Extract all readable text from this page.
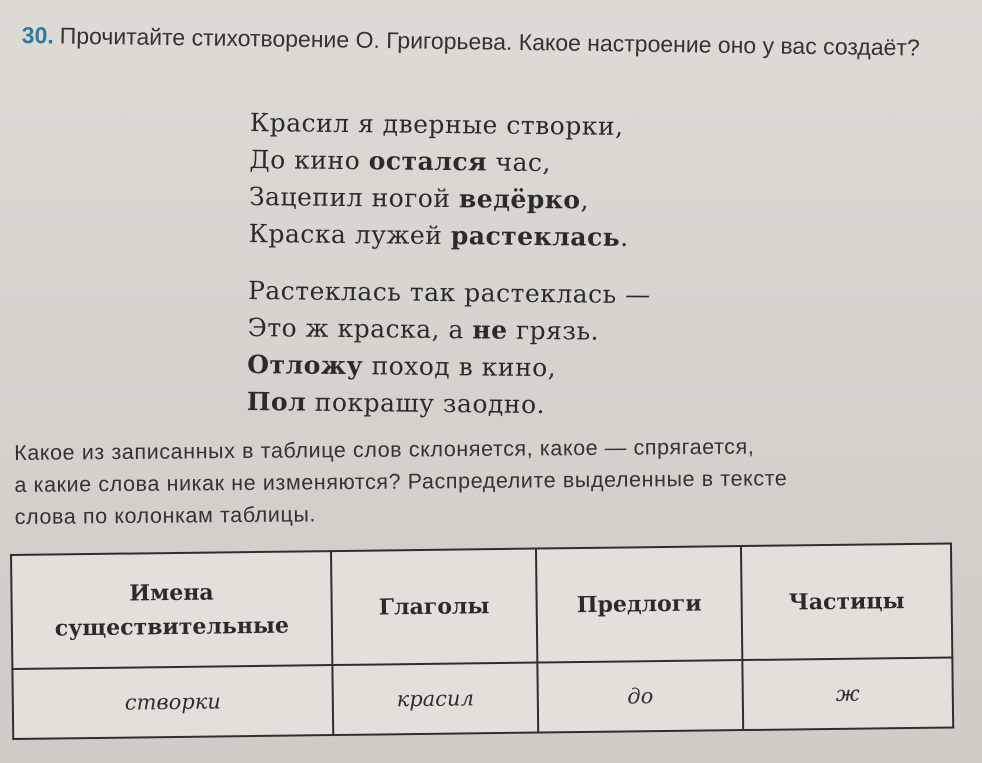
30. Прочитайте стихотворение О. Григорьева. Какое настроение оно у вас создаёт?
Красил я дверные створки,
До кино остался час,
Зацепил ногой ведёрко,
Краска лужей растеклась.
Растеклась так растеклась —
Это ж краска, а не грязь.
Отложу поход в кино,
Пол покрашу заодно.
Какое из записанных в таблице слов склоняется, какое — спрягается,
а какие слова никак не изменяются? Распределите выделенные в тексте
слова по колонкам таблицы.
Имена существительные	Глаголы	Предлоги	Частицы
створки	красил	до	ж
